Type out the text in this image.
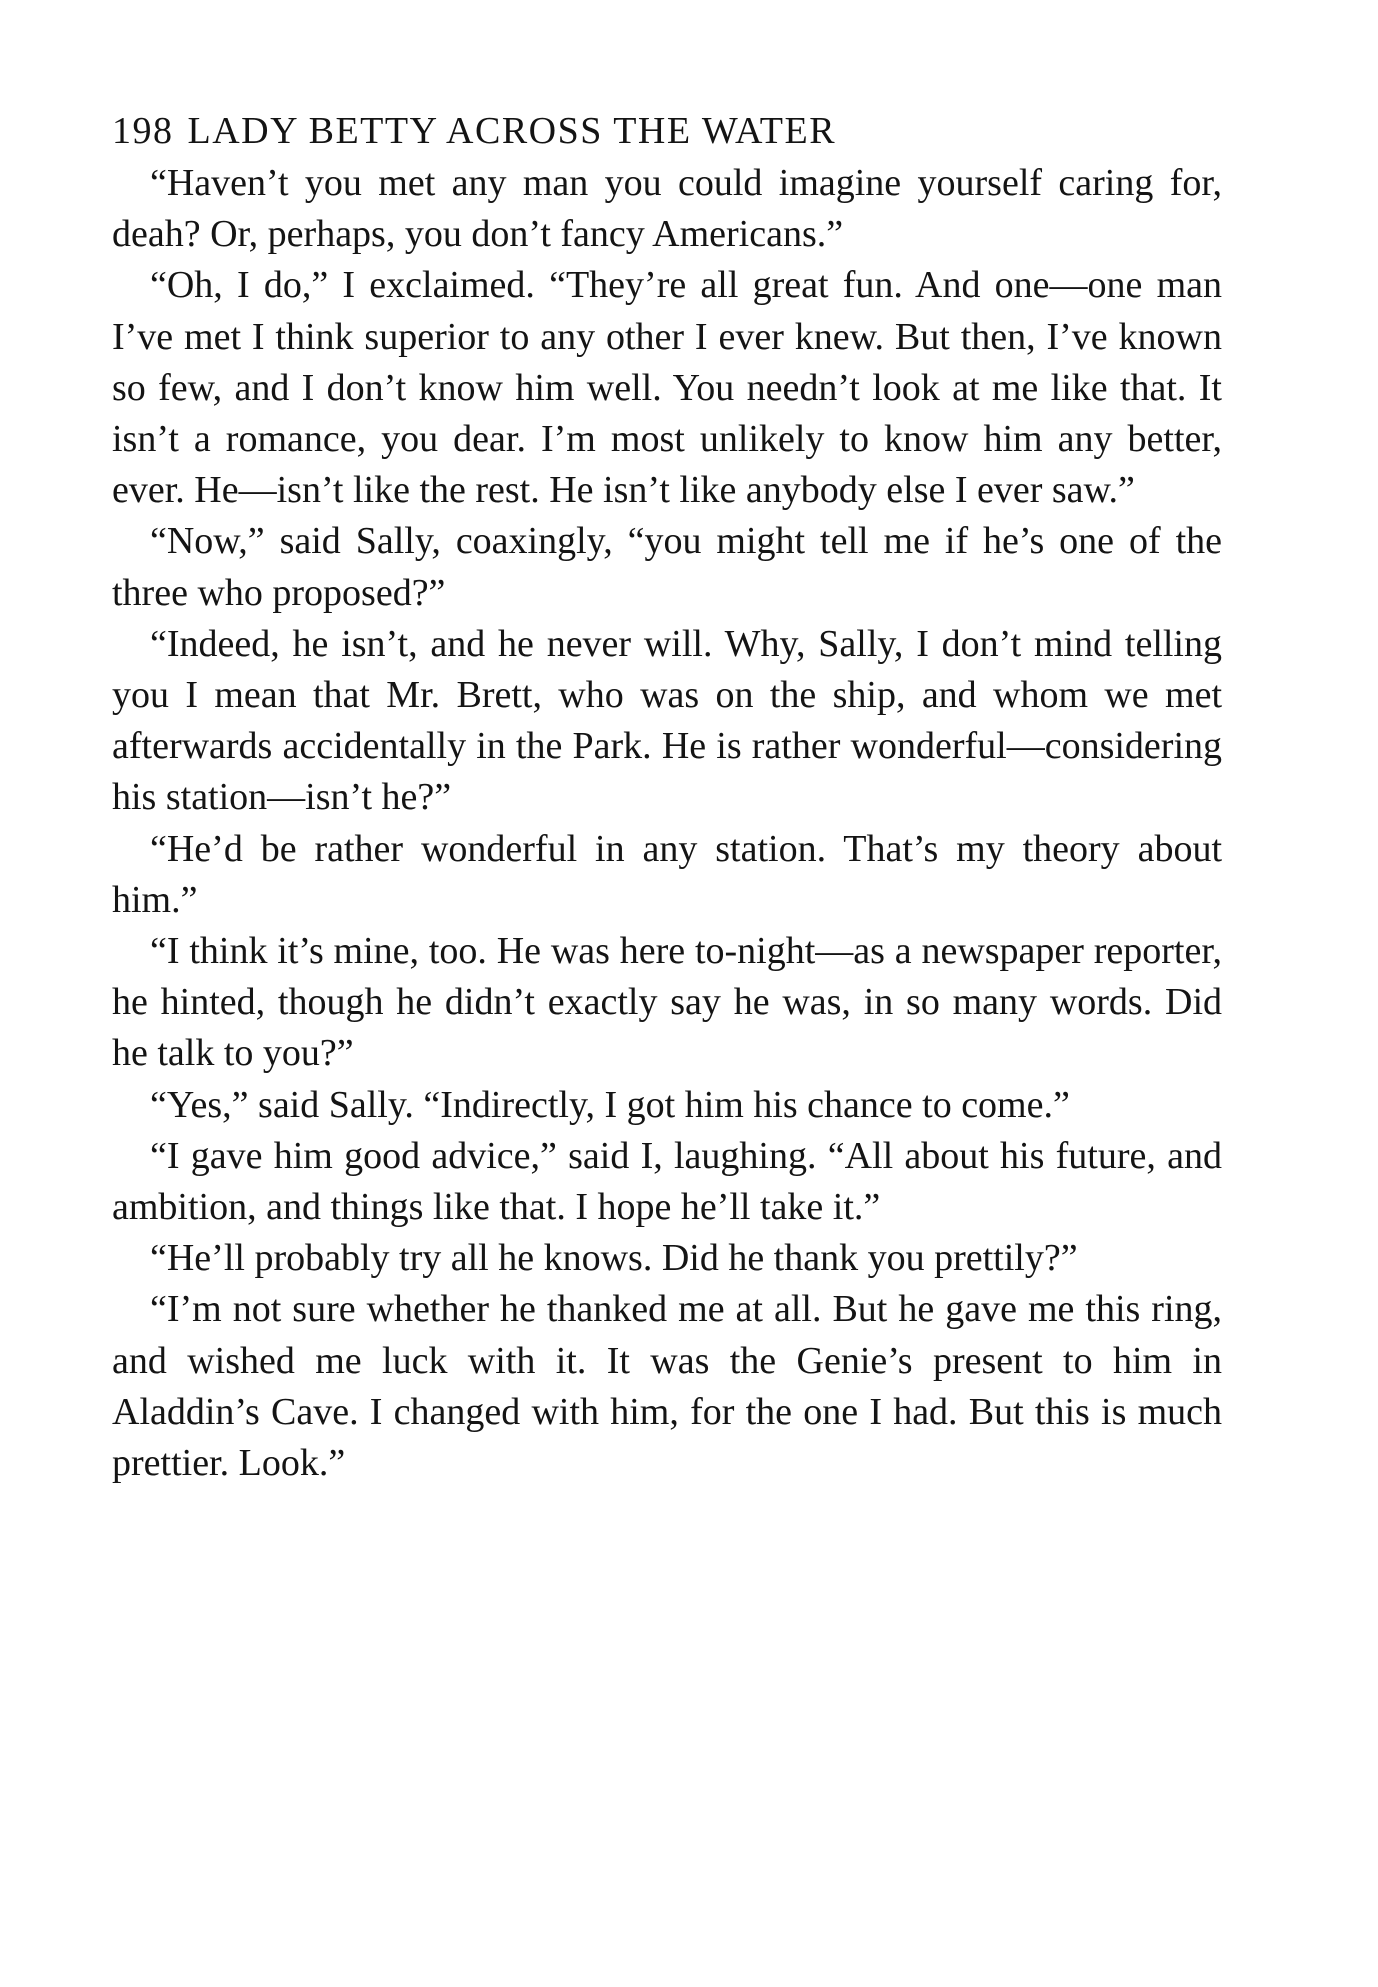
198 LADY BETTY ACROSS THE WATER

“Haven’t you met any man you could imagine yourself caring for, deah? Or, perhaps, you don’t fancy Americans.”

“Oh, I do,” I exclaimed. “They’re all great fun. And one—one man I’ve met I think superior to any other I ever knew. But then, I’ve known so few, and I don’t know him well. You needn’t look at me like that. It isn’t a romance, you dear. I’m most unlikely to know him any better, ever. He—isn’t like the rest. He isn’t like anybody else I ever saw.”

“Now,” said Sally, coaxingly, “you might tell me if he’s one of the three who proposed?”

“Indeed, he isn’t, and he never will. Why, Sally, I don’t mind telling you I mean that Mr. Brett, who was on the ship, and whom we met afterwards accidentally in the Park. He is rather wonderful—considering his station—isn’t he?”

“He’d be rather wonderful in any station. That’s my theory about him.”

“I think it’s mine, too. He was here to-night—as a newspaper reporter, he hinted, though he didn’t exactly say he was, in so many words. Did he talk to you?”

“Yes,” said Sally. “Indirectly, I got him his chance to come.”

“I gave him good advice,” said I, laughing. “All about his future, and ambition, and things like that. I hope he’ll take it.”

“He’ll probably try all he knows. Did he thank you prettily?”

“I’m not sure whether he thanked me at all. But he gave me this ring, and wished me luck with it. It was the Genie’s present to him in Aladdin’s Cave. I changed with him, for the one I had. But this is much prettier. Look.”
